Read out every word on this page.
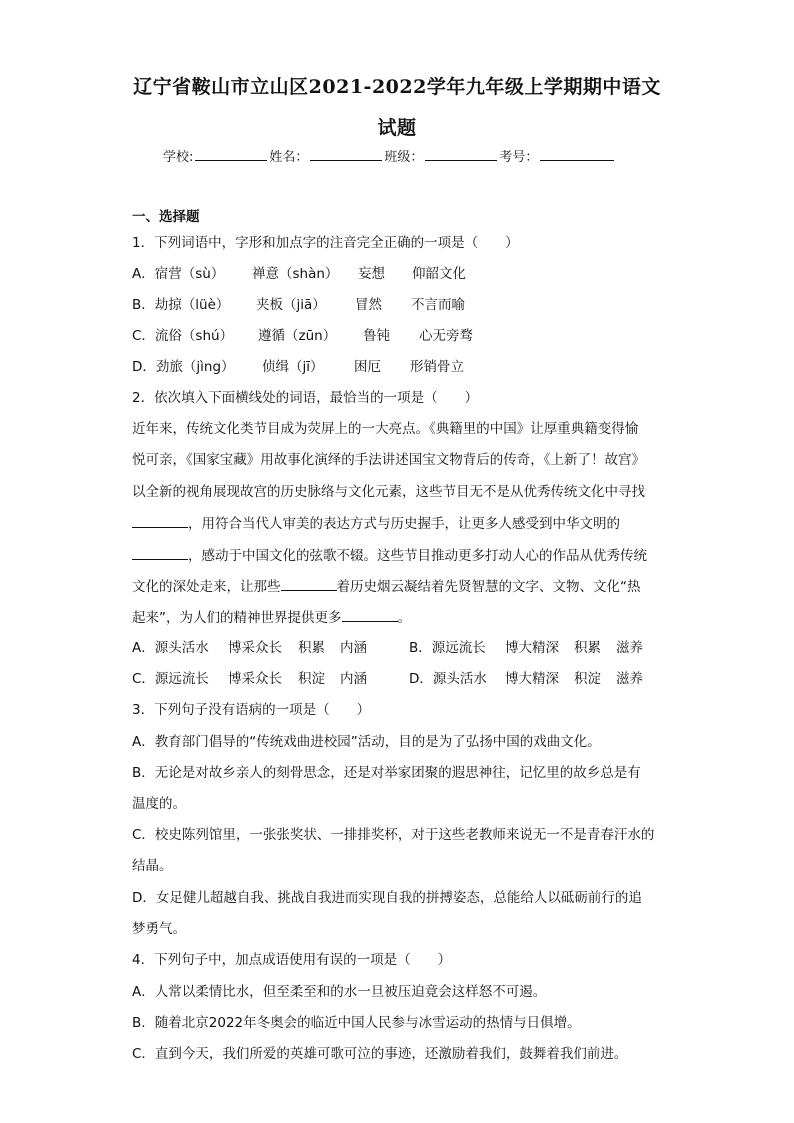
辽宁省鞍山市立山区2021-2022学年九年级上学期期中语文
试题
学校:	姓名：	班级：	考号：
一、选择题
1．下列词语中，字形和加点字的注音完全正确的一项是（　　）
A．宿营（sù） 禅意（shàn） 妄想 仰韶文化
B．劫掠（lüè） 夹板（jiā） 冒然 不言而喻
C．流俗（shú） 遵循（zūn） 鲁钝 心无旁骛
D．劲旅（jìng） 侦缉（jī） 困厄 形销骨立
2．依次填入下面横线处的词语，最恰当的一项是（　　）
近年来，传统文化类节目成为荧屏上的一大亮点。《典籍里的中国》让厚重典籍变得愉
悦可亲，《国家宝藏》用故事化演绎的手法讲述国宝文物背后的传奇，《上新了！故宫》
以全新的视角展现故宫的历史脉络与文化元素，这些节目无不是从优秀传统文化中寻找
，用符合当代人审美的表达方式与历史握手，让更多人感受到中华文明的
，感动于中国文化的弦歌不辍。这些节目推动更多打动人心的作品从优秀传统
文化的深处走来，让那些	着历史烟云凝结着先贤智慧的文字、文物、文化“热
起来”，为人们的精神世界提供更多	。
A．源头活水 博采众长 积累 内涵	B．源远流长 博大精深 积累 滋养
C．源远流长 博采众长 积淀 内涵	D．源头活水 博大精深 积淀 滋养
3．下列句子没有语病的一项是（　　）
A．教育部门倡导的“传统戏曲进校园”活动，目的是为了弘扬中国的戏曲文化。
B．无论是对故乡亲人的刻骨思念，还是对举家团聚的遐思神往，记忆里的故乡总是有
温度的。
C．校史陈列馆里，一张张奖状、一排排奖杯，对于这些老教师来说无一不是青春汗水的
结晶。
D．女足健儿超越自我、挑战自我进而实现自我的拼搏姿态，总能给人以砥砺前行的追
梦勇气。
4．下列句子中，加点成语使用有误的一项是（　　）
A．人常以柔情比水，但至柔至和的水一旦被压迫竟会这样怒不可遏。
B．随着北京2022年冬奥会的临近中国人民参与冰雪运动的热情与日俱增。
C．直到今天，我们所爱的英雄可歌可泣的事迹，还激励着我们，鼓舞着我们前进。
